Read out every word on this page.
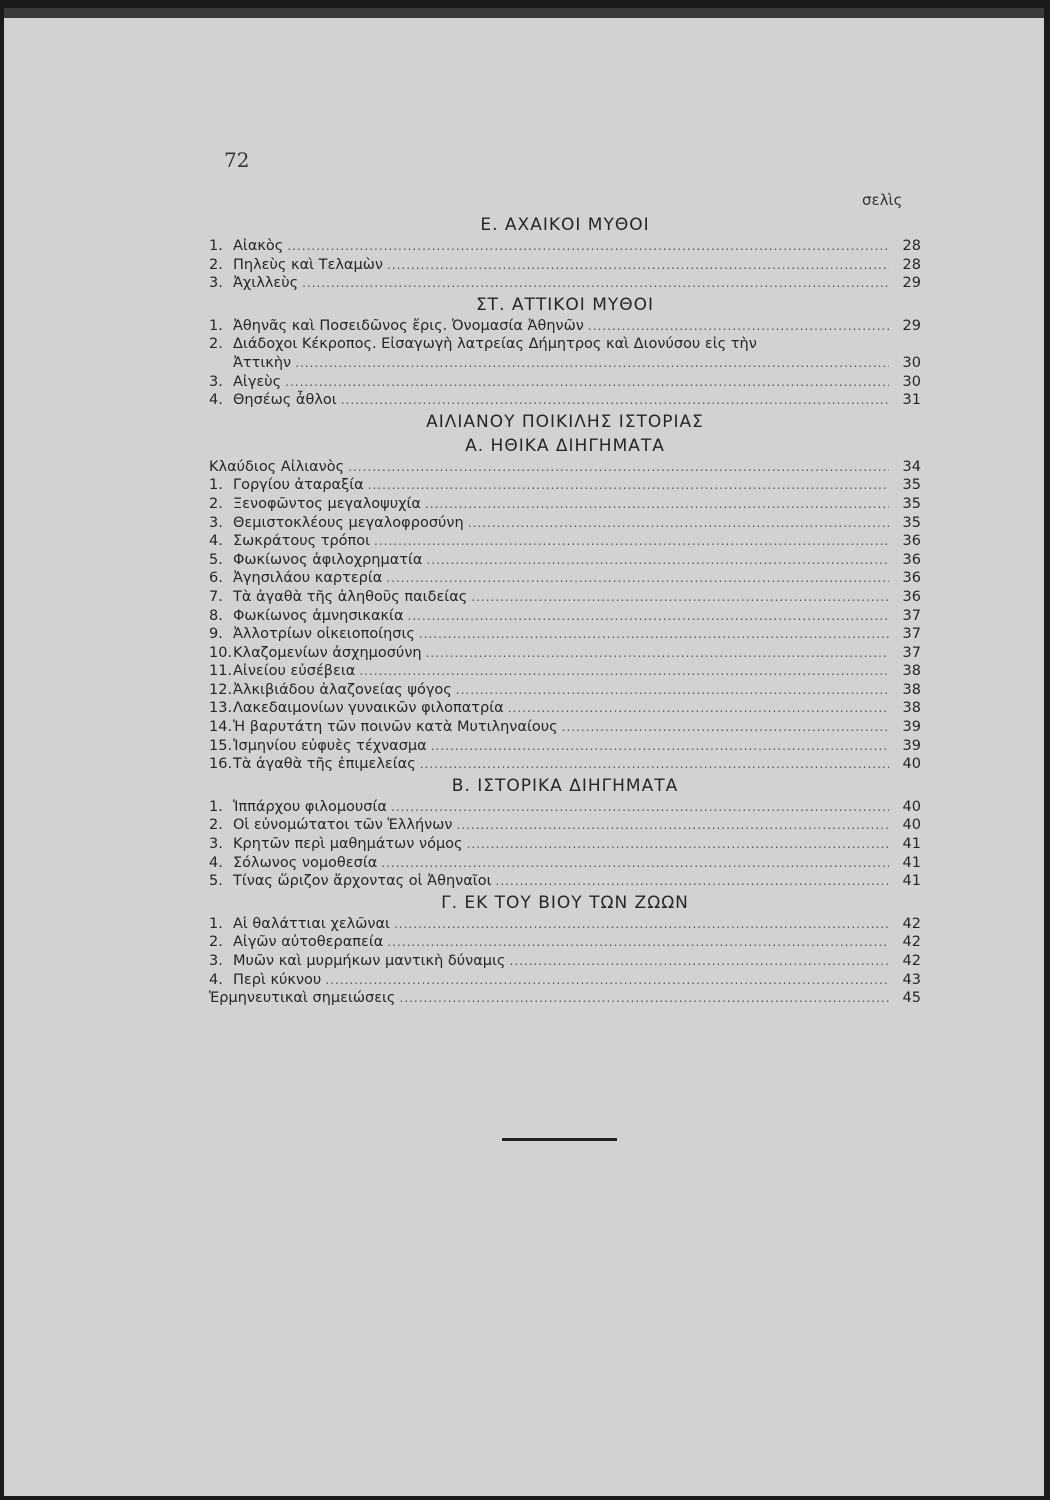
72
σελὶς
Ε. ΑΧΑΙΚΟΙ ΜΥΘΟΙ
1. Αἰακὸς .....	28
2. Πηλεὺς καὶ Τελαμὼν .....	28
3. Ἀχιλλεὺς .....	29
ΣΤ. ΑΤΤΙΚΟΙ ΜΥΘΟΙ
1. Ἀθηνᾶς καὶ Ποσειδῶνος ἔρις. Ὀνομασία Ἀθηνῶν .....	29
2. Διάδοχοι Κέκροπος. Εἰσαγωγὴ λατρείας Δήμητρος καὶ Διονύσου εἰς τὴν
Ἀττικὴν .....	30
3. Αἰγεὺς .....	30
4. Θησέως ἆθλοι .....	31
ΑΙΛΙΑΝΟΥ ΠΟΙΚΙΛΗΣ ΙΣΤΟΡΙΑΣ
Α. ΗΘΙΚΑ ΔΙΗΓΗΜΑΤΑ
Κλαύδιος Αἰλιανὸς .....	34
1. Γοργίου ἀταραξία .....	35
2. Ξενοφῶντος μεγαλοψυχία .....	35
3. Θεμιστοκλέους μεγαλοφροσύνη .....	35
4. Σωκράτους τρόποι .....	36
5. Φωκίωνος ἀφιλοχρηματία .....	36
6. Ἀγησιλάου καρτερία .....	36
7. Τὰ ἀγαθὰ τῆς ἀληθοῦς παιδείας .....	36
8. Φωκίωνος ἀμνησικακία .....	37
9. Ἀλλοτρίων οἰκειοποίησις .....	37
10. Κλαζομενίων ἀσχημοσύνη .....	37
11. Αἰνείου εὐσέβεια .....	38
12. Ἀλκιβιάδου ἀλαζονείας ψόγος .....	38
13. Λακεδαιμονίων γυναικῶν φιλοπατρία .....	38
14. Ἡ βαρυτάτη τῶν ποινῶν κατὰ Μυτιληναίους .....	39
15. Ἰσμηνίου εὐφυὲς τέχνασμα .....	39
16. Τὰ ἀγαθὰ τῆς ἐπιμελείας .....	40
Β. ΙΣΤΟΡΙΚΑ ΔΙΗΓΗΜΑΤΑ
1. Ἱππάρχου φιλομουσία .....	40
2. Οἱ εὐνομώτατοι τῶν Ἑλλήνων .....	40
3. Κρητῶν περὶ μαθημάτων νόμος .....	41
4. Σόλωνος νομοθεσία .....	41
5. Τίνας ὥριζον ἄρχοντας οἱ Ἀθηναῖοι .....	41
Γ. ΕΚ ΤΟΥ ΒΙΟΥ ΤΩΝ ΖΩΩΝ
1. Αἱ θαλάττιαι χελῶναι .....	42
2. Αἰγῶν αὐτοθεραπεία .....	42
3. Μυῶν καὶ μυρμήκων μαντικὴ δύναμις .....	42
4. Περὶ κύκνου .....	43
Ἑρμηνευτικαὶ σημειώσεις .....	45
